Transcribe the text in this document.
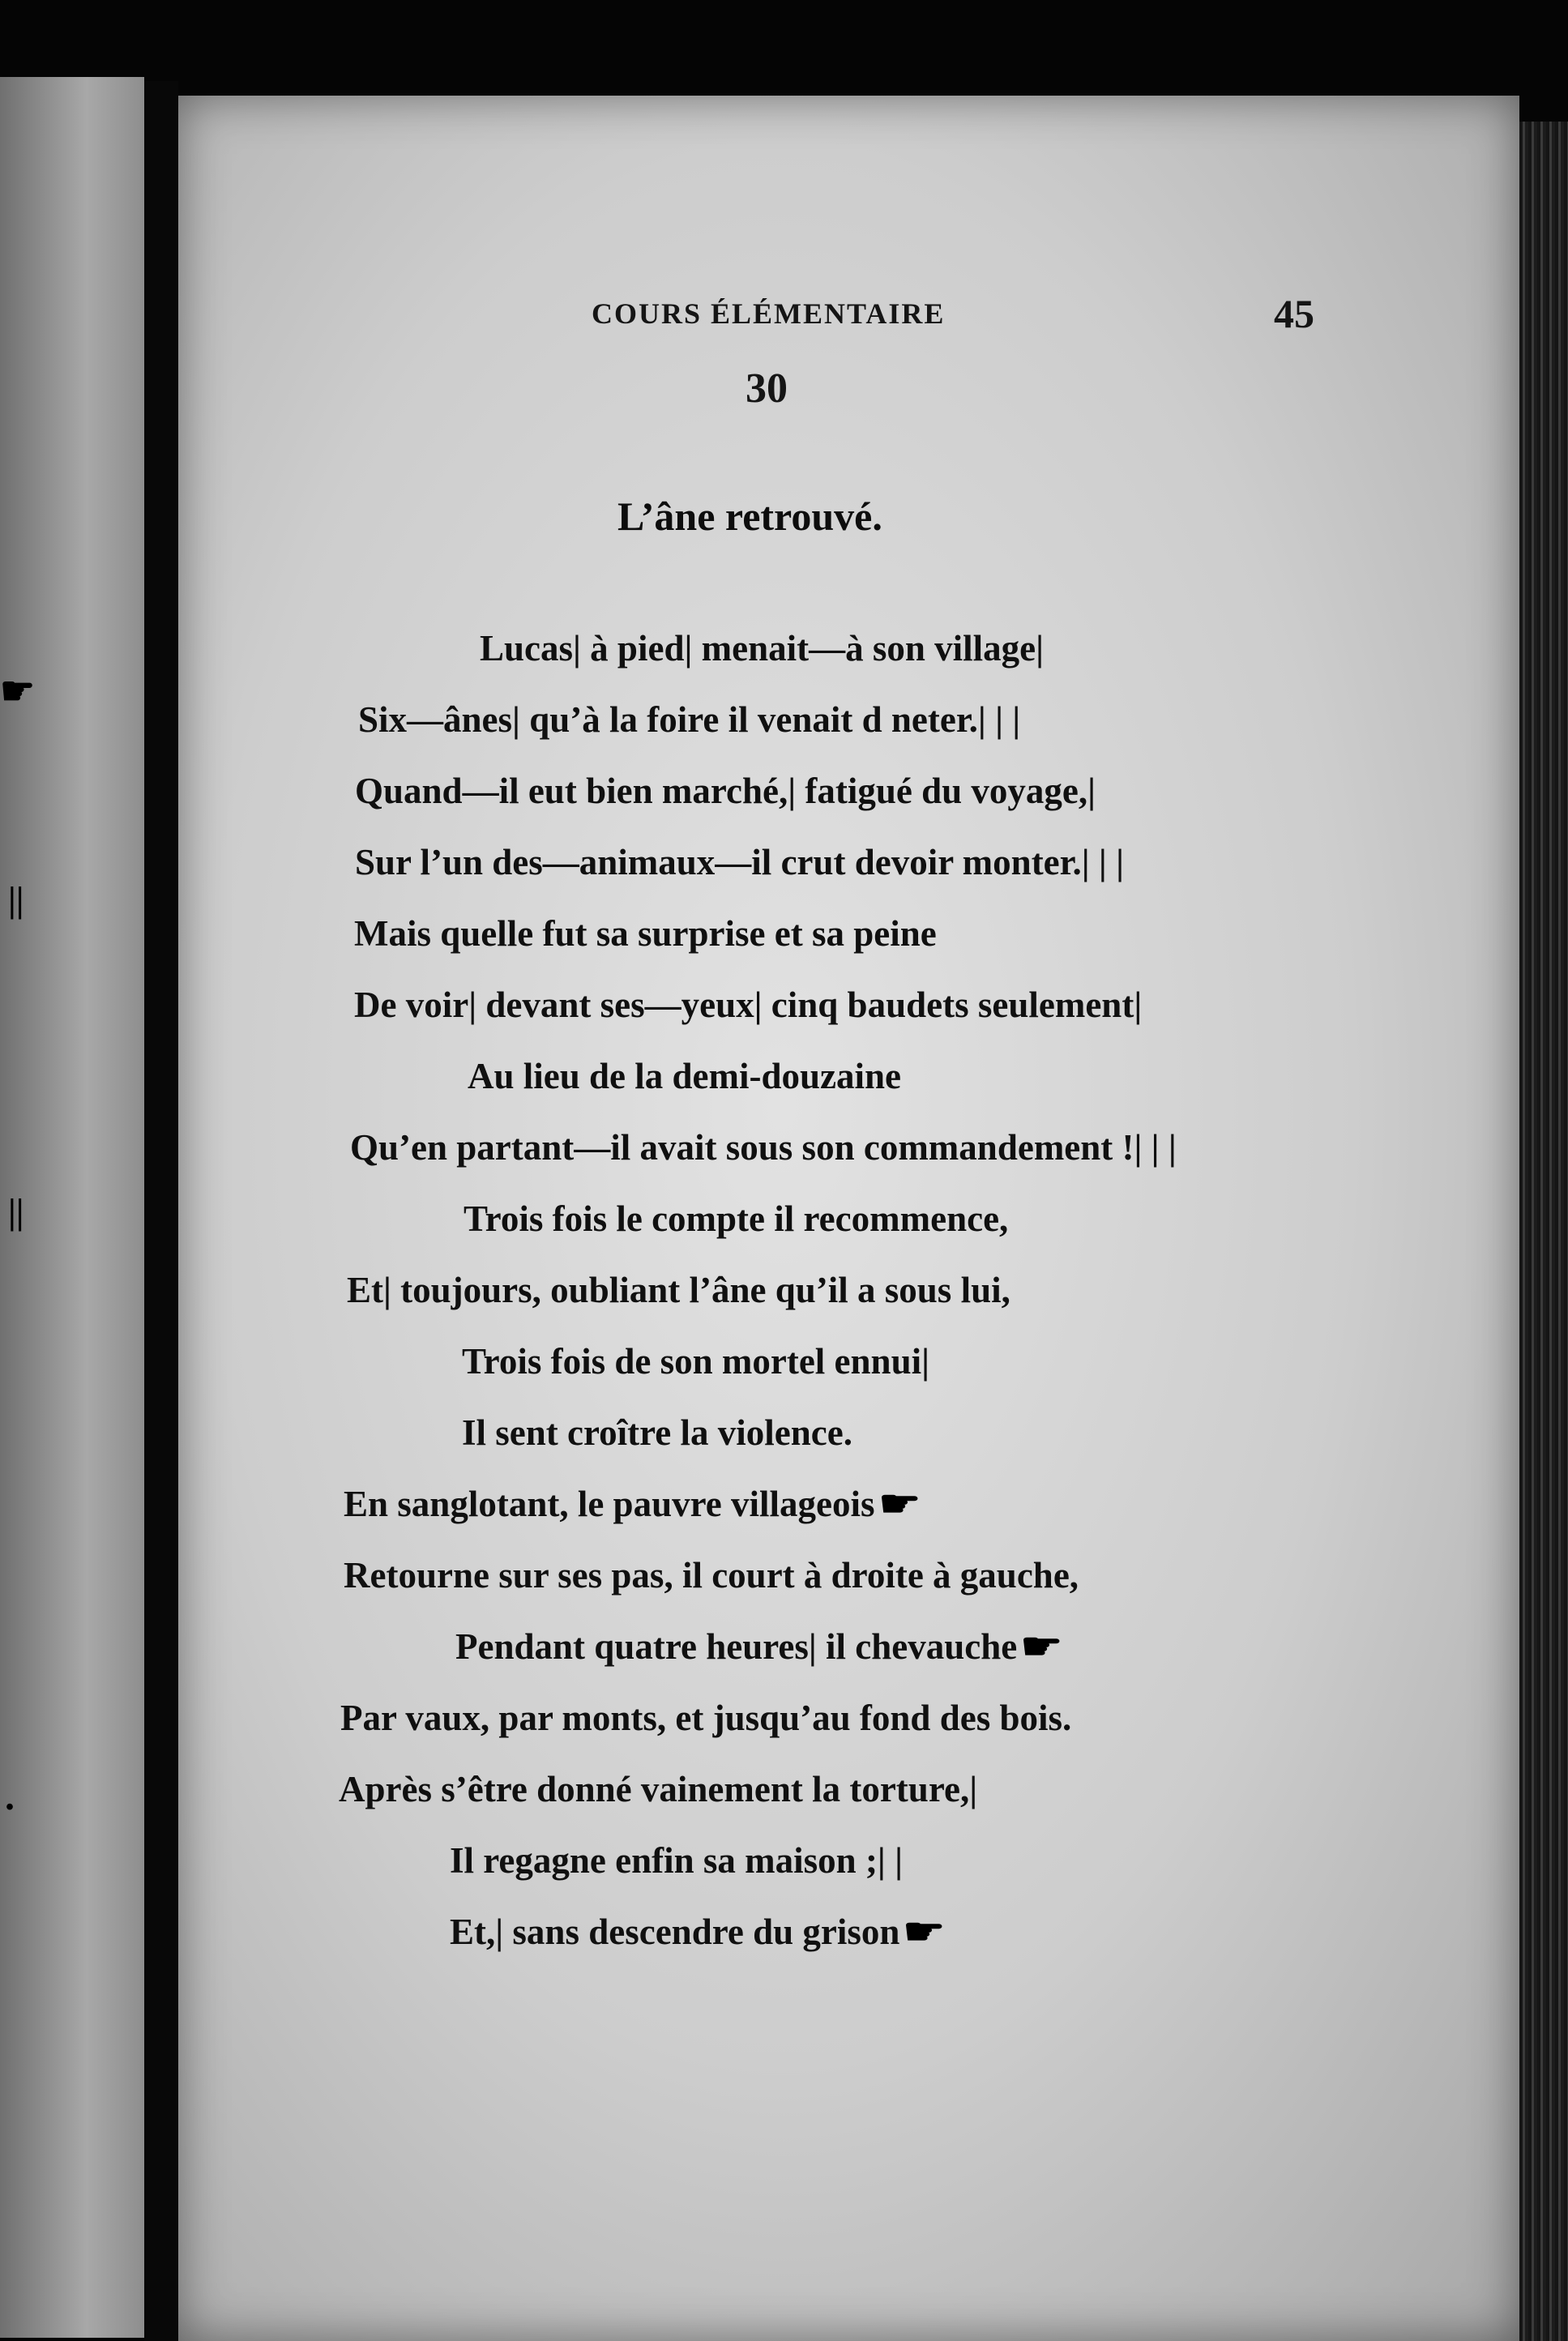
☛
||
||
.
COURS ÉLÉMENTAIRE	45
30
L’âne retrouvé.
Lucas| à pied| menait—à son village|
Six—ânes| qu’à la foire il venait d neter.| | |
Quand—il eut bien marché,| fatigué du voyage,|
Sur l’un des—animaux—il crut devoir monter.| | |
Mais quelle fut sa surprise et sa peine
De voir| devant ses—yeux| cinq baudets seulement|
Au lieu de la demi-douzaine
Qu’en partant—il avait sous son commandement !| | |
Trois fois le compte il recommence,
Et| toujours, oubliant l’âne qu’il a sous lui,
Trois fois de son mortel ennui|
Il sent croître la violence.
En sanglotant, le pauvre villageois☛
Retourne sur ses pas, il court à droite à gauche,
Pendant quatre heures| il chevauche☛
Par vaux, par monts, et jusqu’au fond des bois.
Après s’être donné vainement la torture,|
Il regagne enfin sa maison ;| |
Et,| sans descendre du grison☛
